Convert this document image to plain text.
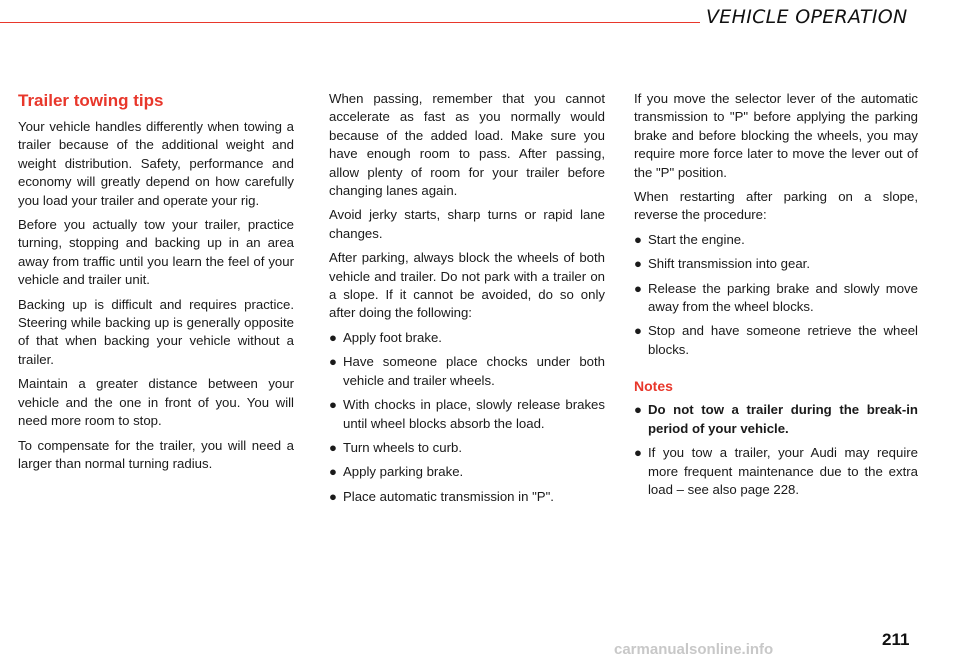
VEHICLE OPERATION
Trailer towing tips

Your vehicle handles differently when towing a trailer because of the additional weight and weight distribution. Safety, performance and economy will greatly depend on how carefully you load your trailer and operate your rig.

Before you actually tow your trailer, practice turning, stopping and backing up in an area away from traffic until you learn the feel of your vehicle and trailer unit.

Backing up is difficult and requires practice. Steering while backing up is generally opposite of that when backing your vehicle without a trailer.

Maintain a greater distance between your vehicle and the one in front of you. You will need more room to stop.

To compensate for the trailer, you will need a larger than normal turning radius.

When passing, remember that you cannot accelerate as fast as you normally would because of the added load. Make sure you have enough room to pass. After passing, allow plenty of room for your trailer before changing lanes again.

Avoid jerky starts, sharp turns or rapid lane changes.

After parking, always block the wheels of both vehicle and trailer. Do not park with a trailer on a slope. If it cannot be avoided, do so only after doing the following:

● Apply foot brake.
● Have someone place chocks under both vehicle and trailer wheels.
● With chocks in place, slowly release brakes until wheel blocks absorb the load.
● Turn wheels to curb.
● Apply parking brake.
● Place automatic transmission in "P".

If you move the selector lever of the automatic transmission to "P" before applying the parking brake and before blocking the wheels, you may require more force later to move the lever out of the "P" position.

When restarting after parking on a slope, reverse the procedure:

● Start the engine.
● Shift transmission into gear.
● Release the parking brake and slowly move away from the wheel blocks.
● Stop and have someone retrieve the wheel blocks.
Notes
● Do not tow a trailer during the break-in period of your vehicle.
● If you tow a trailer, your Audi may require more frequent maintenance due to the extra load – see also page 228.

211

carmanualsonline.info
